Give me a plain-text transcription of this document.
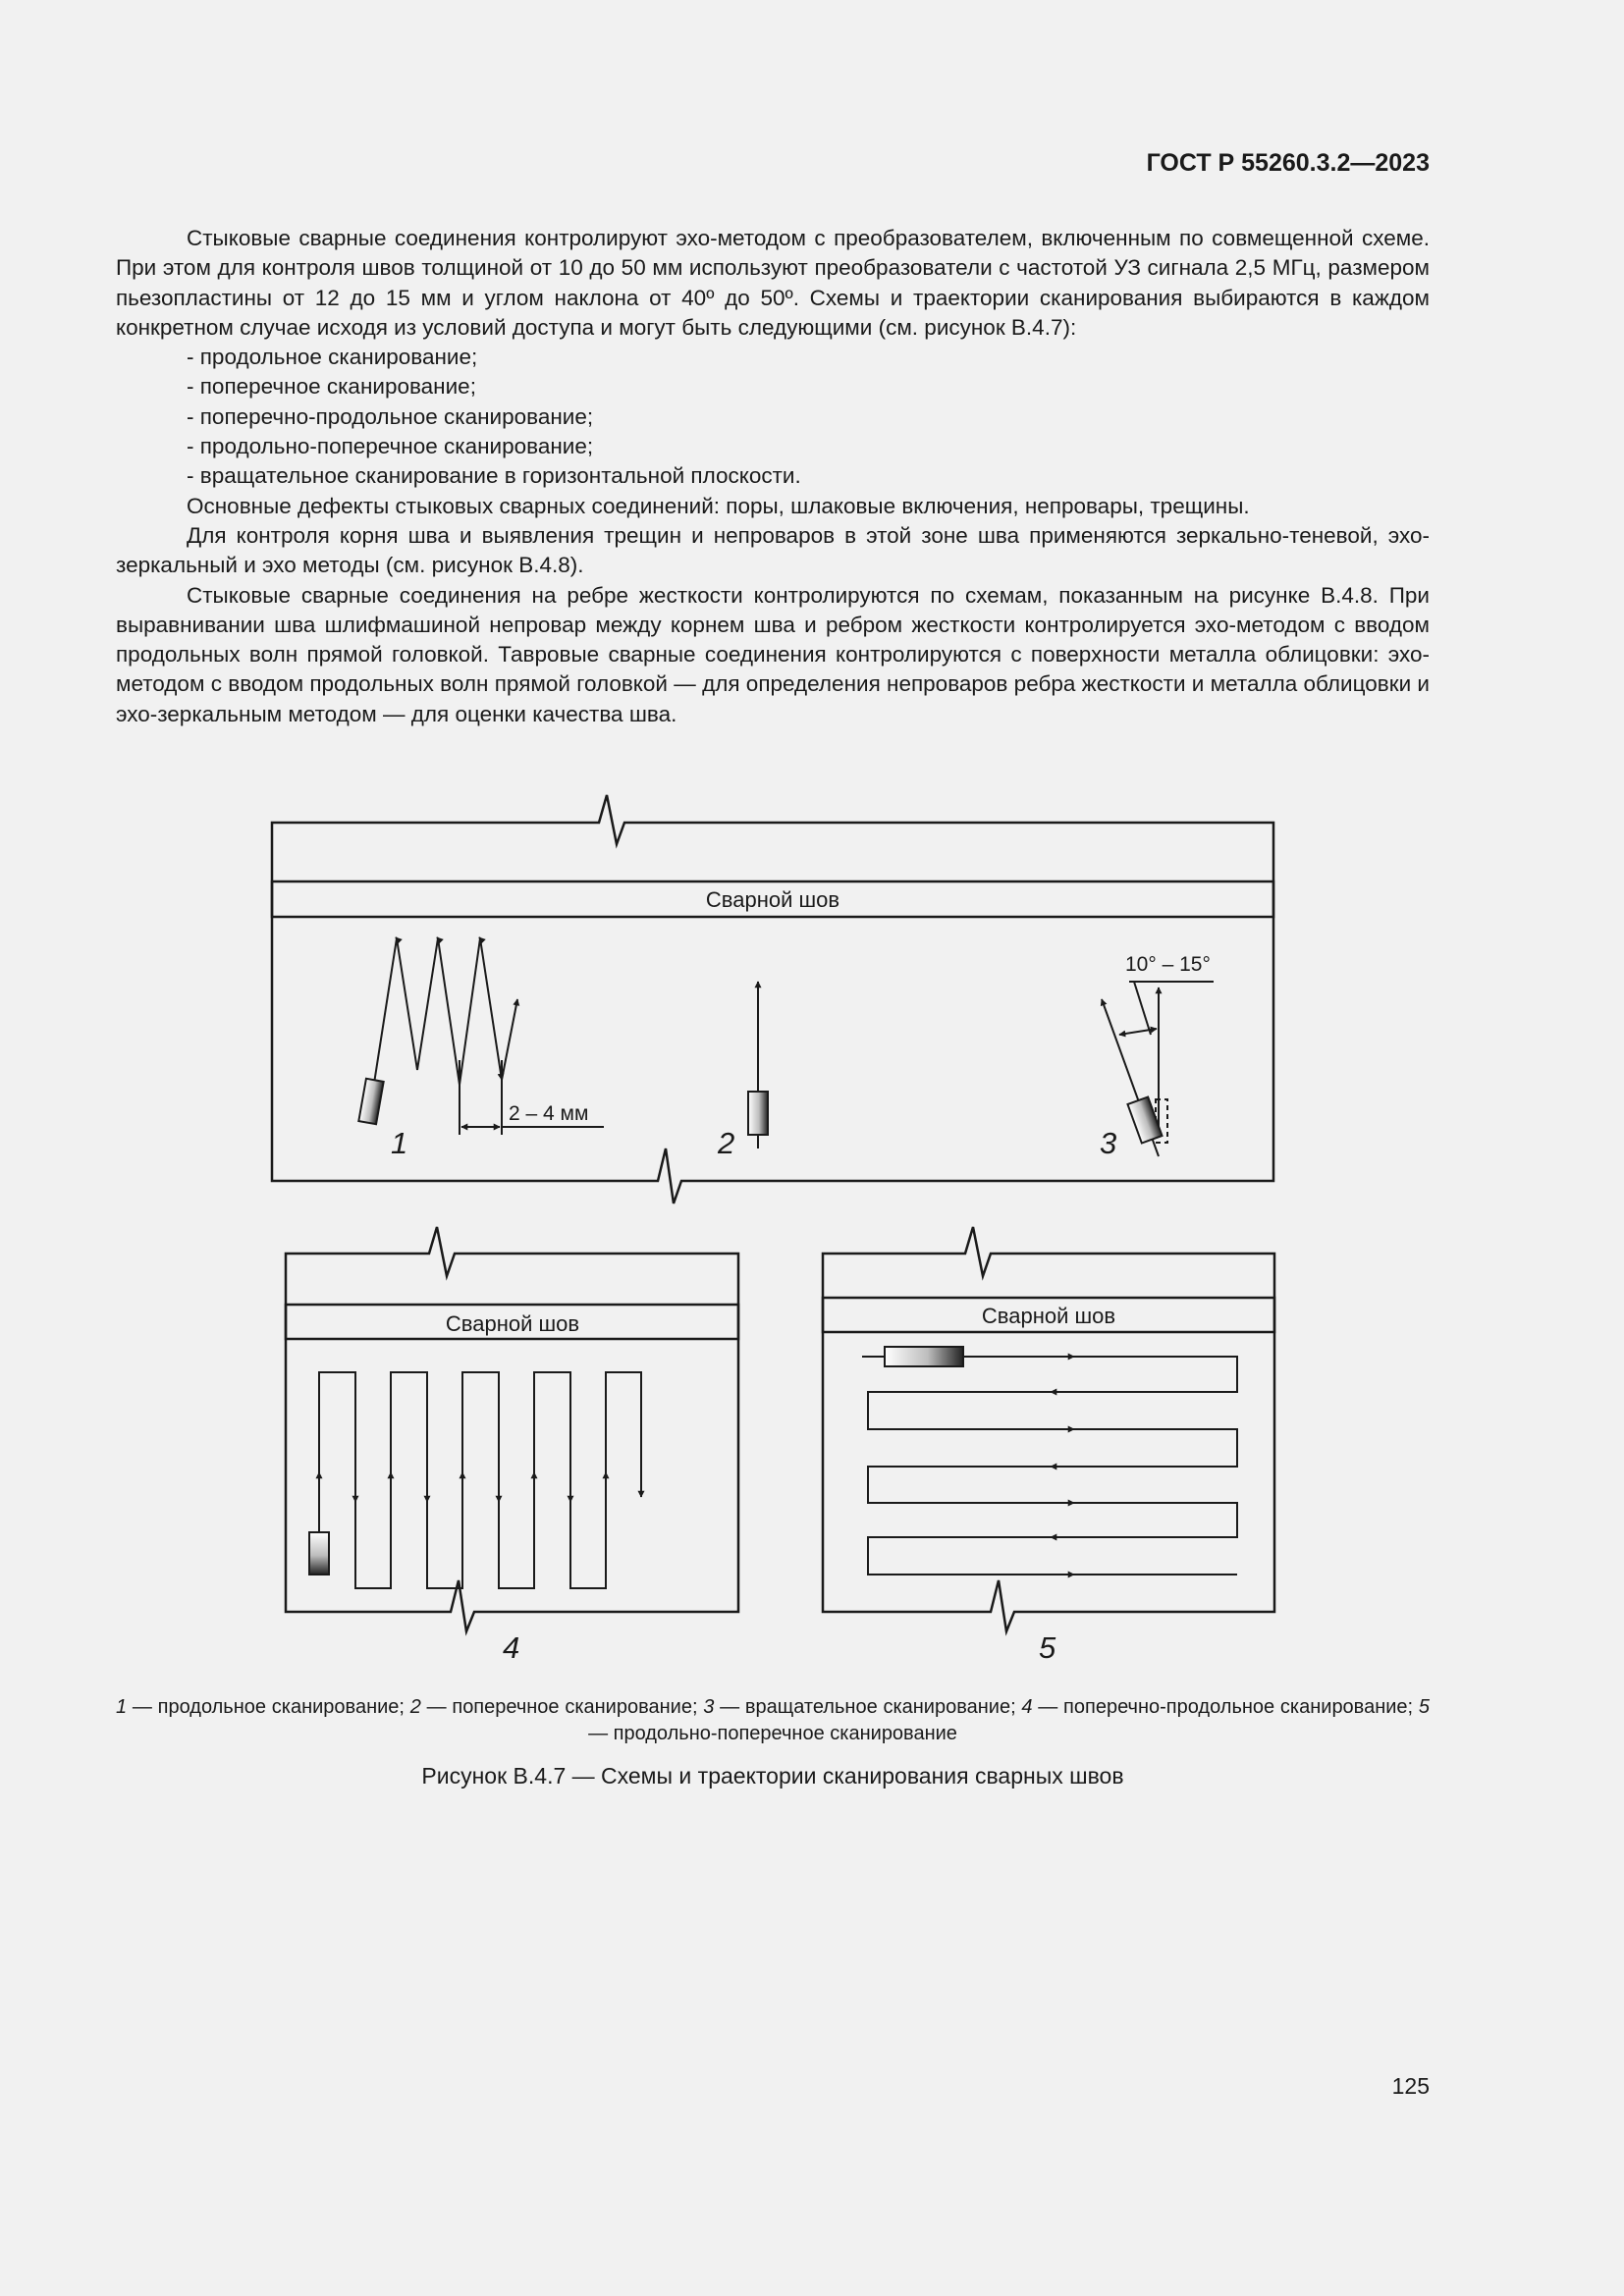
ГОСТ Р 55260.3.2—2023

Стыковые сварные соединения контролируют эхо-методом с преобразователем, включенным по совмещенной схеме. При этом для контроля швов толщиной от 10 до 50 мм используют преобразователи с частотой УЗ сигнала 2,5 МГц, размером пьезопластины от 12 до 15 мм и углом наклона от 40º до 50º. Схемы и траектории сканирования выбираются в каждом конкретном случае исходя из условий доступа и могут быть следующими (см. рисунок В.4.7):

- продольное сканирование;

- поперечное сканирование;

- поперечно-продольное сканирование;

- продольно-поперечное сканирование;

- вращательное сканирование в горизонтальной плоскости.

Основные дефекты стыковых сварных соединений: поры, шлаковые включения, непровары, трещины.

Для контроля корня шва и выявления трещин и непроваров в этой зоне шва применяются зеркально-теневой, эхо-зеркальный и эхо методы (см. рисунок В.4.8).

Стыковые сварные соединения на ребре жесткости контролируются по схемам, показанным на рисунке В.4.8. При выравнивании шва шлифмашиной непровар между корнем шва и ребром жесткости контролируется эхо-методом с вводом продольных волн прямой головкой. Тавровые сварные соединения контролируются с поверхности металла облицовки: эхо-методом с вводом продольных волн прямой головкой — для определения непроваров ребра жесткости и металла облицовки и эхо-зеркальным методом — для оценки качества шва.

Сварной шов
2 – 4 мм
1	2
10° – 15°
3
Сварной шов
4
Сварной шов
5
1 — продольное сканирование; 2 — поперечное сканирование; 3 — вращательное сканирование; 4 — поперечно-продольное сканирование; 5 — продольно-поперечное сканирование
Рисунок В.4.7 — Схемы и траектории сканирования сварных швов
125
